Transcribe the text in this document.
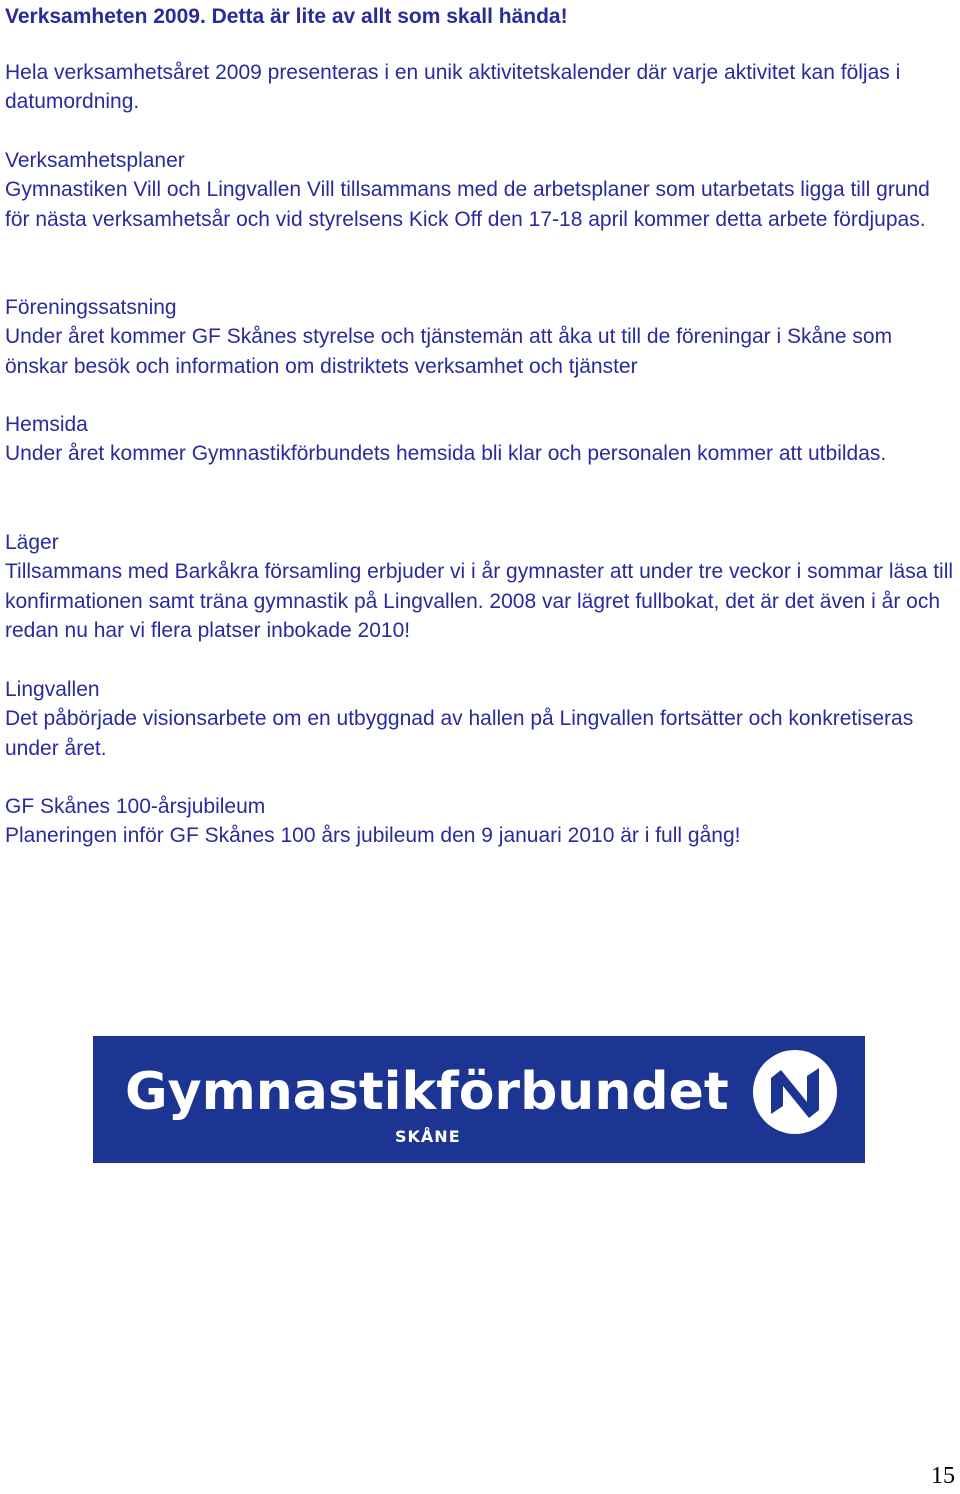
Verksamheten 2009. Detta är lite av allt som skall hända!

Hela verksamhetsåret 2009 presenteras i en unik aktivitetskalender där varje aktivitet kan följas i datumordning.

Verksamhetsplaner
Gymnastiken Vill och Lingvallen Vill tillsammans med de arbetsplaner som utarbetats ligga till grund för nästa verksamhetsår och vid styrelsens Kick Off den 17-18 april kommer detta arbete fördjupas.
Föreningssatsning
Under året kommer GF Skånes styrelse och tjänstemän att åka ut till de föreningar i Skåne som önskar besök och information om distriktets verksamhet och tjänster
Hemsida
Under året kommer Gymnastikförbundets hemsida bli klar och personalen kommer att utbildas.
Läger
Tillsammans med Barkåkra församling erbjuder vi i år gymnaster att under tre veckor i sommar läsa till konfirmationen samt träna gymnastik på Lingvallen. 2008 var lägret fullbokat, det är det även i år och redan nu har vi flera platser inbokade 2010!
Lingvallen
Det påbörjade visionsarbete om en utbyggnad av hallen på Lingvallen fortsätter och konkretiseras under året.
GF Skånes 100-årsjubileum
Planeringen inför GF Skånes 100 års jubileum den 9 januari 2010 är i full gång!
Gymnastikförbundet
SKÅNE
15
